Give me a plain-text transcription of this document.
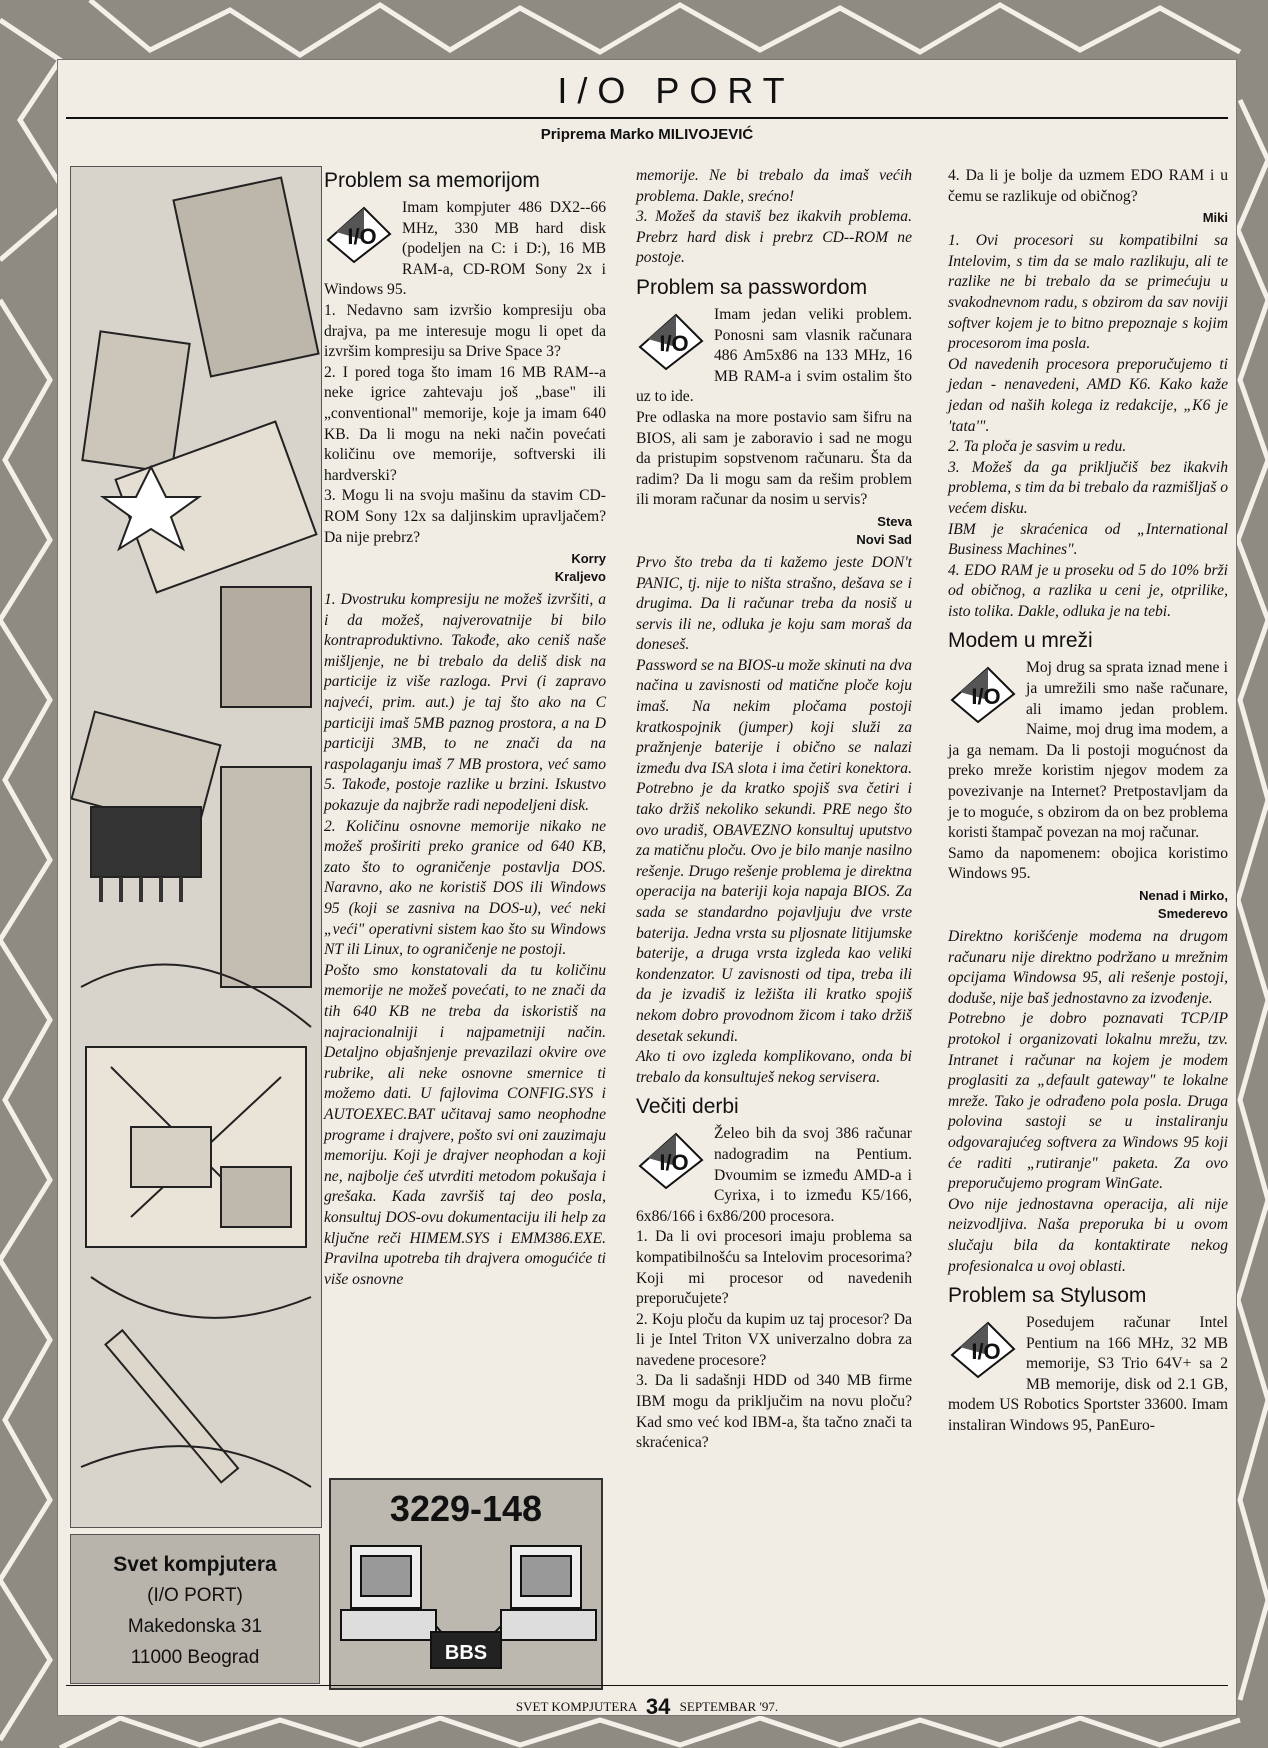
I/O PORT
Priprema Marko MILIVOJEVIĆ
Svet kompjutera
(I/O PORT)
Makedonska 31
11000 Beograd
Problem sa memorijom
I/O

Imam kompjuter 486 DX2--66 MHz, 330 MB hard disk (podeljen na C: i D:), 16 MB RAM-a, CD-ROM Sony 2x i Windows 95.

1. Nedavno sam izvršio kompresiju oba drajva, pa me interesuje mogu li opet da izvršim kompresiju sa Drive Space 3?

2. I pored toga što imam 16 MB RAM--a neke igrice zahtevaju još „base" ili „conventional" memorije, koje ja imam 640 KB. Da li mogu na neki način povećati količinu ove memorije, softverski ili hardverski?

3. Mogu li na svoju mašinu da stavim CD-ROM Sony 12x sa daljinskim upravljačem? Da nije prebrz?

Korry
Kraljevo

1. Dvostruku kompresiju ne možeš izvršiti, a i da možeš, najverovatnije bi bilo kontraproduktivno. Takođe, ako ceniš naše mišljenje, ne bi trebalo da deliš disk na particije iz više razloga. Prvi (i zapravo najveći, prim. aut.) je taj što ako na C particiji imaš 5MB paznog prostora, a na D particiji 3MB, to ne znači da na raspolaganju imaš 7 MB prostora, već samo 5. Takođe, postoje razlike u brzini. Iskustvo pokazuje da najbrže radi nepodeljeni disk.

2. Količinu osnovne memorije nikako ne možeš proširiti preko granice od 640 KB, zato što to ograničenje postavlja DOS. Naravno, ako ne koristiš DOS ili Windows 95 (koji se zasniva na DOS-u), već neki „veći" operativni sistem kao što su Windows NT ili Linux, to ograničenje ne postoji.

Pošto smo konstatovali da tu količinu memorije ne možeš povećati, to ne znači da tih 640 KB ne treba da iskoristiš na najracionalniji i najpametniji način. Detaljno objašnjenje prevazilazi okvire ove rubrike, ali neke osnovne smernice ti možemo dati. U fajlovima CONFIG.SYS i AUTOEXEC.BAT učitavaj samo neophodne programe i drajvere, pošto svi oni zauzimaju memoriju. Koji je drajver neophodan a koji ne, najbolje ćeš utvrditi metodom pokušaja i grešaka. Kada završiš taj deo posla, konsultuj DOS-ovu dokumentaciju ili help za ključne reči HIMEM.SYS i EMM386.EXE. Pravilna upotreba tih drajvera omogućiće ti više osnovne

3229-148
BBS

memorije. Ne bi trebalo da imaš većih problema. Dakle, srećno!

3. Možeš da staviš bez ikakvih problema. Prebrz hard disk i prebrz CD--ROM ne postoje.

Problem sa passwordom
I/O

Imam jedan veliki problem. Ponosni sam vlasnik računara 486 Am5x86 na 133 MHz, 16 MB RAM-a i svim ostalim što uz to ide.

Pre odlaska na more postavio sam šifru na BIOS, ali sam je zaboravio i sad ne mogu da pristupim sopstvenom računaru. Šta da radim? Da li mogu sam da rešim problem ili moram računar da nosim u servis?

Steva
Novi Sad

Prvo što treba da ti kažemo jeste DON't PANIC, tj. nije to ništa strašno, dešava se i drugima. Da li računar treba da nosiš u servis ili ne, odluka je koju sam moraš da doneseš.

Password se na BIOS-u može skinuti na dva načina u zavisnosti od matične ploče koju imaš. Na nekim pločama postoji kratkospojnik (jumper) koji služi za pražnjenje baterije i obično se nalazi između dva ISA slota i ima četiri konektora. Potrebno je da kratko spojiš sva četiri i tako držiš nekoliko sekundi. PRE nego što ovo uradiš, OBAVEZNO konsultuj uputstvo za matičnu ploču. Ovo je bilo manje nasilno rešenje. Drugo rešenje problema je direktna operacija na bateriji koja napaja BIOS. Za sada se standardno pojavljuju dve vrste baterija. Jedna vrsta su pljosnate litijumske baterije, a druga vrsta izgleda kao veliki kondenzator. U zavisnosti od tipa, treba ili da je izvadiš iz ležišta ili kratko spojiš nekom dobro provodnom žicom i tako držiš desetak sekundi.

Ako ti ovo izgleda komplikovano, onda bi trebalo da konsultuješ nekog servisera.

Večiti derbi
I/O

Želeo bih da svoj 386 računar nadogradim na Pentium. Dvoumim se između AMD-a i Cyrixa, i to između K5/166, 6x86/166 i 6x86/200 procesora.

1. Da li ovi procesori imaju problema sa kompatibilnošću sa Intelovim procesorima? Koji mi procesor od navedenih preporučujete?

2. Koju ploču da kupim uz taj procesor? Da li je Intel Triton VX univerzalno dobra za navedene procesore?

3. Da li sadašnji HDD od 340 MB firme IBM mogu da priključim na novu ploču? Kad smo već kod IBM-a, šta tačno znači ta skraćenica?

4. Da li je bolje da uzmem EDO RAM i u čemu se razlikuje od običnog?

Miki

1. Ovi procesori su kompatibilni sa Intelovim, s tim da se malo razlikuju, ali te razlike ne bi trebalo da se primećuju u svakodnevnom radu, s obzirom da sav noviji softver kojem je to bitno prepoznaje s kojim procesorom ima posla.

Od navedenih procesora preporučujemo ti jedan - nenavedeni, AMD K6. Kako kaže jedan od naših kolega iz redakcije, „K6 je 'tata'".

2. Ta ploča je sasvim u redu.

3. Možeš da ga priključiš bez ikakvih problema, s tim da bi trebalo da razmišljaš o većem disku.

IBM je skraćenica od „International Business Machines".

4. EDO RAM je u proseku od 5 do 10% brži od običnog, a razlika u ceni je, otprilike, isto tolika. Dakle, odluka je na tebi.

Modem u mreži
I/O

Moj drug sa sprata iznad mene i ja umrežili smo naše računare, ali imamo jedan problem. Naime, moj drug ima modem, a ja ga nemam. Da li postoji mogućnost da preko mreže koristim njegov modem za povezivanje na Internet? Pretpostavljam da je to moguće, s obzirom da on bez problema koristi štampač povezan na moj računar.

Samo da napomenem: obojica koristimo Windows 95.

Nenad i Mirko,
Smederevo

Direktno korišćenje modema na drugom računaru nije direktno podržano u mrežnim opcijama Windowsa 95, ali rešenje postoji, doduše, nije baš jednostavno za izvođenje.

Potrebno je dobro poznavati TCP/IP protokol i organizovati lokalnu mrežu, tzv. Intranet i računar na kojem je modem proglasiti za „default gateway" te lokalne mreže. Tako je odrađeno pola posla. Druga polovina sastoji se u instaliranju odgovarajućeg softvera za Windows 95 koji će raditi „rutiranje" paketa. Za ovo preporučujemo program WinGate.

Ovo nije jednostavna operacija, ali nije neizvodljiva. Naša preporuka bi u ovom slučaju bila da kontaktirate nekog profesionalca u ovoj oblasti.

Problem sa Stylusom
I/O

Posedujem računar Intel Pentium na 166 MHz, 32 MB memorije, S3 Trio 64V+ sa 2 MB memorije, disk od 2.1 GB, modem US Robotics Sportster 33600. Imam instaliran Windows 95, PanEuro-

SVET KOMPJUTERA 34 SEPTEMBAR '97.
